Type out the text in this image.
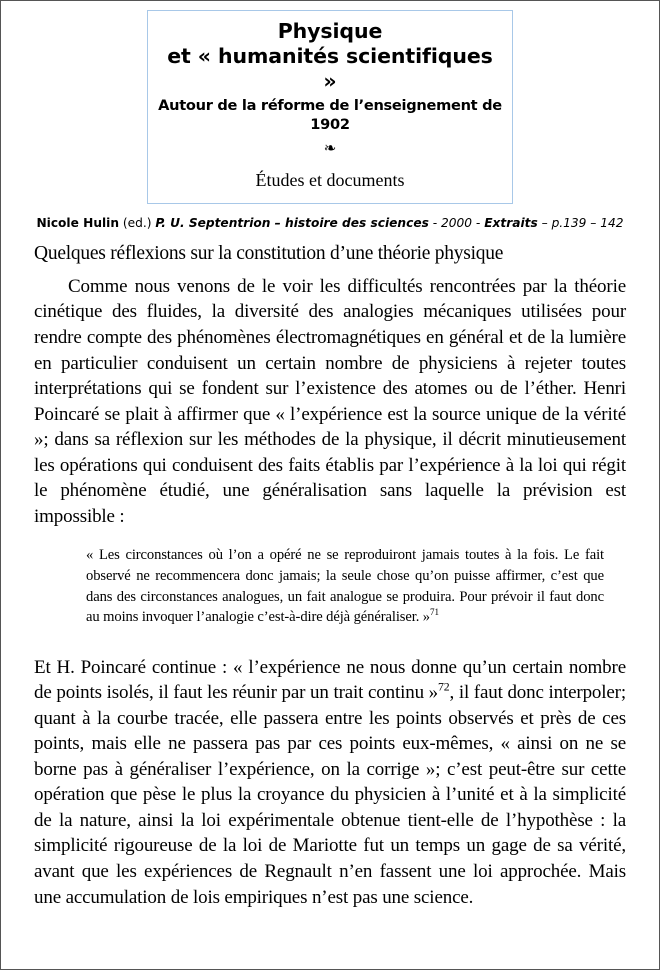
Physique
et « humanités scientifiques »
Autour de la réforme de l’enseignement de 1902
❧
Études et documents
Nicole Hulin (ed.) P. U. Septentrion – histoire des sciences - 2000 - Extraits – p.139 – 142
Quelques réflexions sur la constitution d’une théorie physique

Comme nous venons de le voir les difficultés rencontrées par la théorie cinétique des fluides, la diversité des analogies mécaniques utilisées pour rendre compte des phénomènes électromagnétiques en général et de la lumière en particulier conduisent un certain nombre de physiciens à rejeter toutes interprétations qui se fondent sur l’existence des atomes ou de l’éther. Henri Poincaré se plait à affirmer que « l’expérience est la source unique de la vérité »; dans sa réflexion sur les méthodes de la physique, il décrit minutieusement les opérations qui conduisent des faits établis par l’expérience à la loi qui régit le phénomène étudié, une généralisation sans laquelle la prévision est impossible :

« Les circonstances où l’on a opéré ne se reproduiront jamais toutes à la fois. Le fait observé ne recommencera donc jamais; la seule chose qu’on puisse affirmer, c’est que dans des circonstances analogues, un fait analogue se produira. Pour prévoir il faut donc au moins invoquer l’analogie c’est-à-dire déjà généraliser. »$^{71}$

Et H. Poincaré continue : « l’expérience ne nous donne qu’un certain nombre de points isolés, il faut les réunir par un trait continu »$^{72}$, il faut donc interpoler; quant à la courbe tracée, elle passera entre les points observés et près de ces points, mais elle ne passera pas par ces points eux-mêmes, « ainsi on ne se borne pas à généraliser l’expérience, on la corrige »; c’est peut-être sur cette opération que pèse le plus la croyance du physicien à l’unité et à la simplicité de la nature, ainsi la loi expérimentale obtenue tient-elle de l’hypothèse : la simplicité rigoureuse de la loi de Mariotte fut un temps un gage de sa vérité, avant que les expériences de Regnault n’en fassent une loi approchée. Mais une accumulation de lois empiriques n’est pas une science.
